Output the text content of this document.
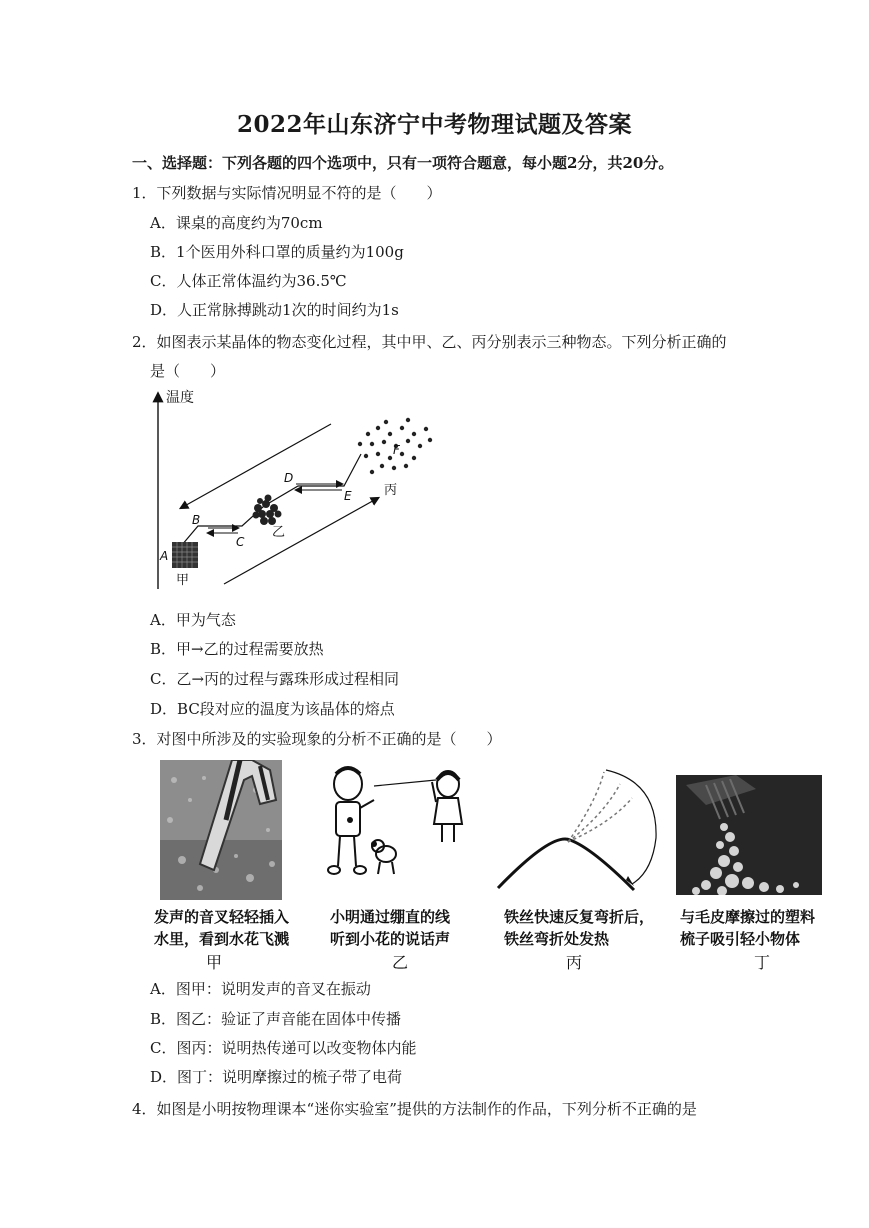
2022年山东济宁中考物理试题及答案
一、选择题：下列各题的四个选项中，只有一项符合题意，每小题2分，共20分。
1．下列数据与实际情况明显不符的是（　　）
A．课桌的高度约为70cm
B．1个医用外科口罩的质量约为100g
C．人体正常体温约为36.5℃
D．人正常脉搏跳动1次的时间约为1s
2．如图表示某晶体的物态变化过程，其中甲、乙、丙分别表示三种物态。下列分析正确的
是（　　）
温度
A
B
C
D
E
F
甲
乙
丙
A．甲为气态
B．甲→乙的过程需要放热
C．乙→丙的过程与露珠形成过程相同
D．BC段对应的温度为该晶体的熔点
3．对图中所涉及的实验现象的分析不正确的是（　　）
发声的音叉轻轻插入
水里，看到水花飞溅
甲
小明通过绷直的线
听到小花的说话声
乙
铁丝快速反复弯折后，
铁丝弯折处发热
丙
与毛皮摩擦过的塑料
梳子吸引轻小物体
丁
A．图甲：说明发声的音叉在振动
B．图乙：验证了声音能在固体中传播
C．图丙：说明热传递可以改变物体内能
D．图丁：说明摩擦过的梳子带了电荷
4．如图是小明按物理课本“迷你实验室”提供的方法制作的作品，下列分析不正确的是
